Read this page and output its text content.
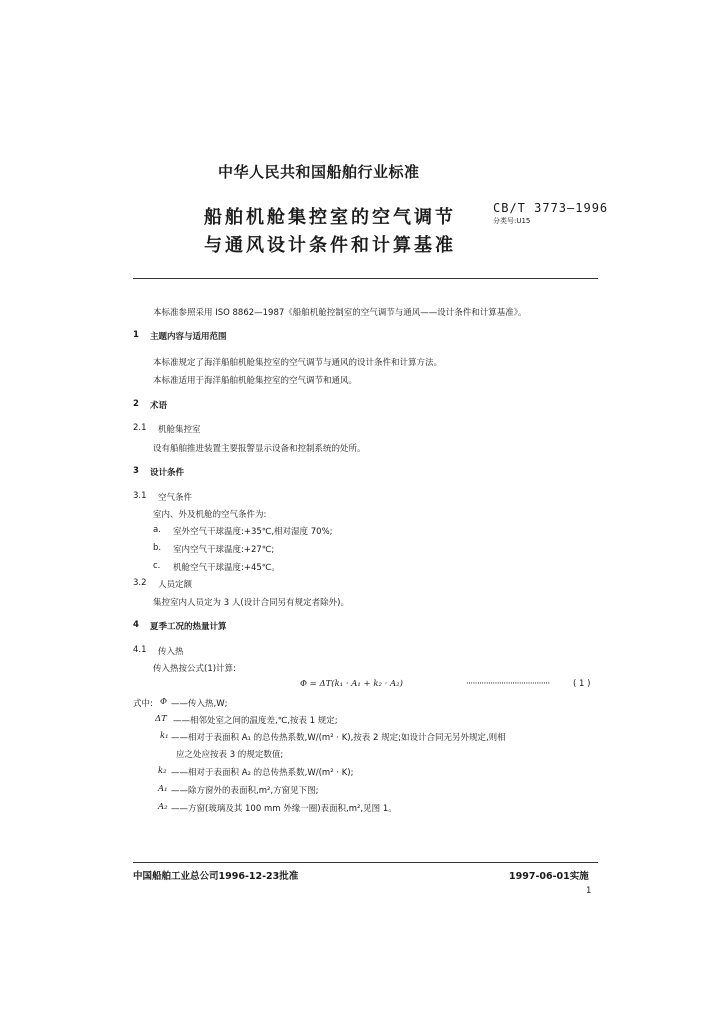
中华人民共和国船舶行业标准
船舶机舱集控室的空气调节
与通风设计条件和计算基准
CB/T 3773—1996
分类号:U15
本标准参照采用 ISO 8862—1987《船舶机舱控制室的空气调节与通风——设计条件和计算基准》。
1 主题内容与适用范围
本标准规定了海洋船舶机舱集控室的空气调节与通风的设计条件和计算方法。
本标准适用于海洋船舶机舱集控室的空气调节和通风。
2 术语
2.1 机舱集控室
设有船舶推进装置主要报警显示设备和控制系统的处所。
3 设计条件
3.1 空气条件
室内、外及机舱的空气条件为:
a. 室外空气干球温度:+35℃,相对湿度 70%;
b. 室内空气干球温度:+27℃;
c. 机舱空气干球温度:+45℃。
3.2 人员定额
集控室内人员定为 3 人(设计合同另有规定者除外)。
4 夏季工况的热量计算
4.1 传入热
传入热按公式(1)计算:
Φ = ΔT(k₁ · A₁ + k₂ · A₂)	······································	( 1 )
式中: Φ ——传入热,W;
ΔT ——相邻处室之间的温度差,℃,按表 1 规定;
k₁ ——相对于表面积 A₁ 的总传热系数,W/(m² · K),按表 2 规定;如设计合同无另外规定,则相
应之处应按表 3 的规定数值;
k₂ ——相对于表面积 A₂ 的总传热系数,W/(m² · K);
A₁ ——除方窗外的表面积,m²,方窗见下图;
A₂ ——方窗(玻璃及其 100 mm 外缘一圈)表面积,m²,见图 1。
中国船舶工业总公司1996-12-23批准	1997-06-01实施
1
